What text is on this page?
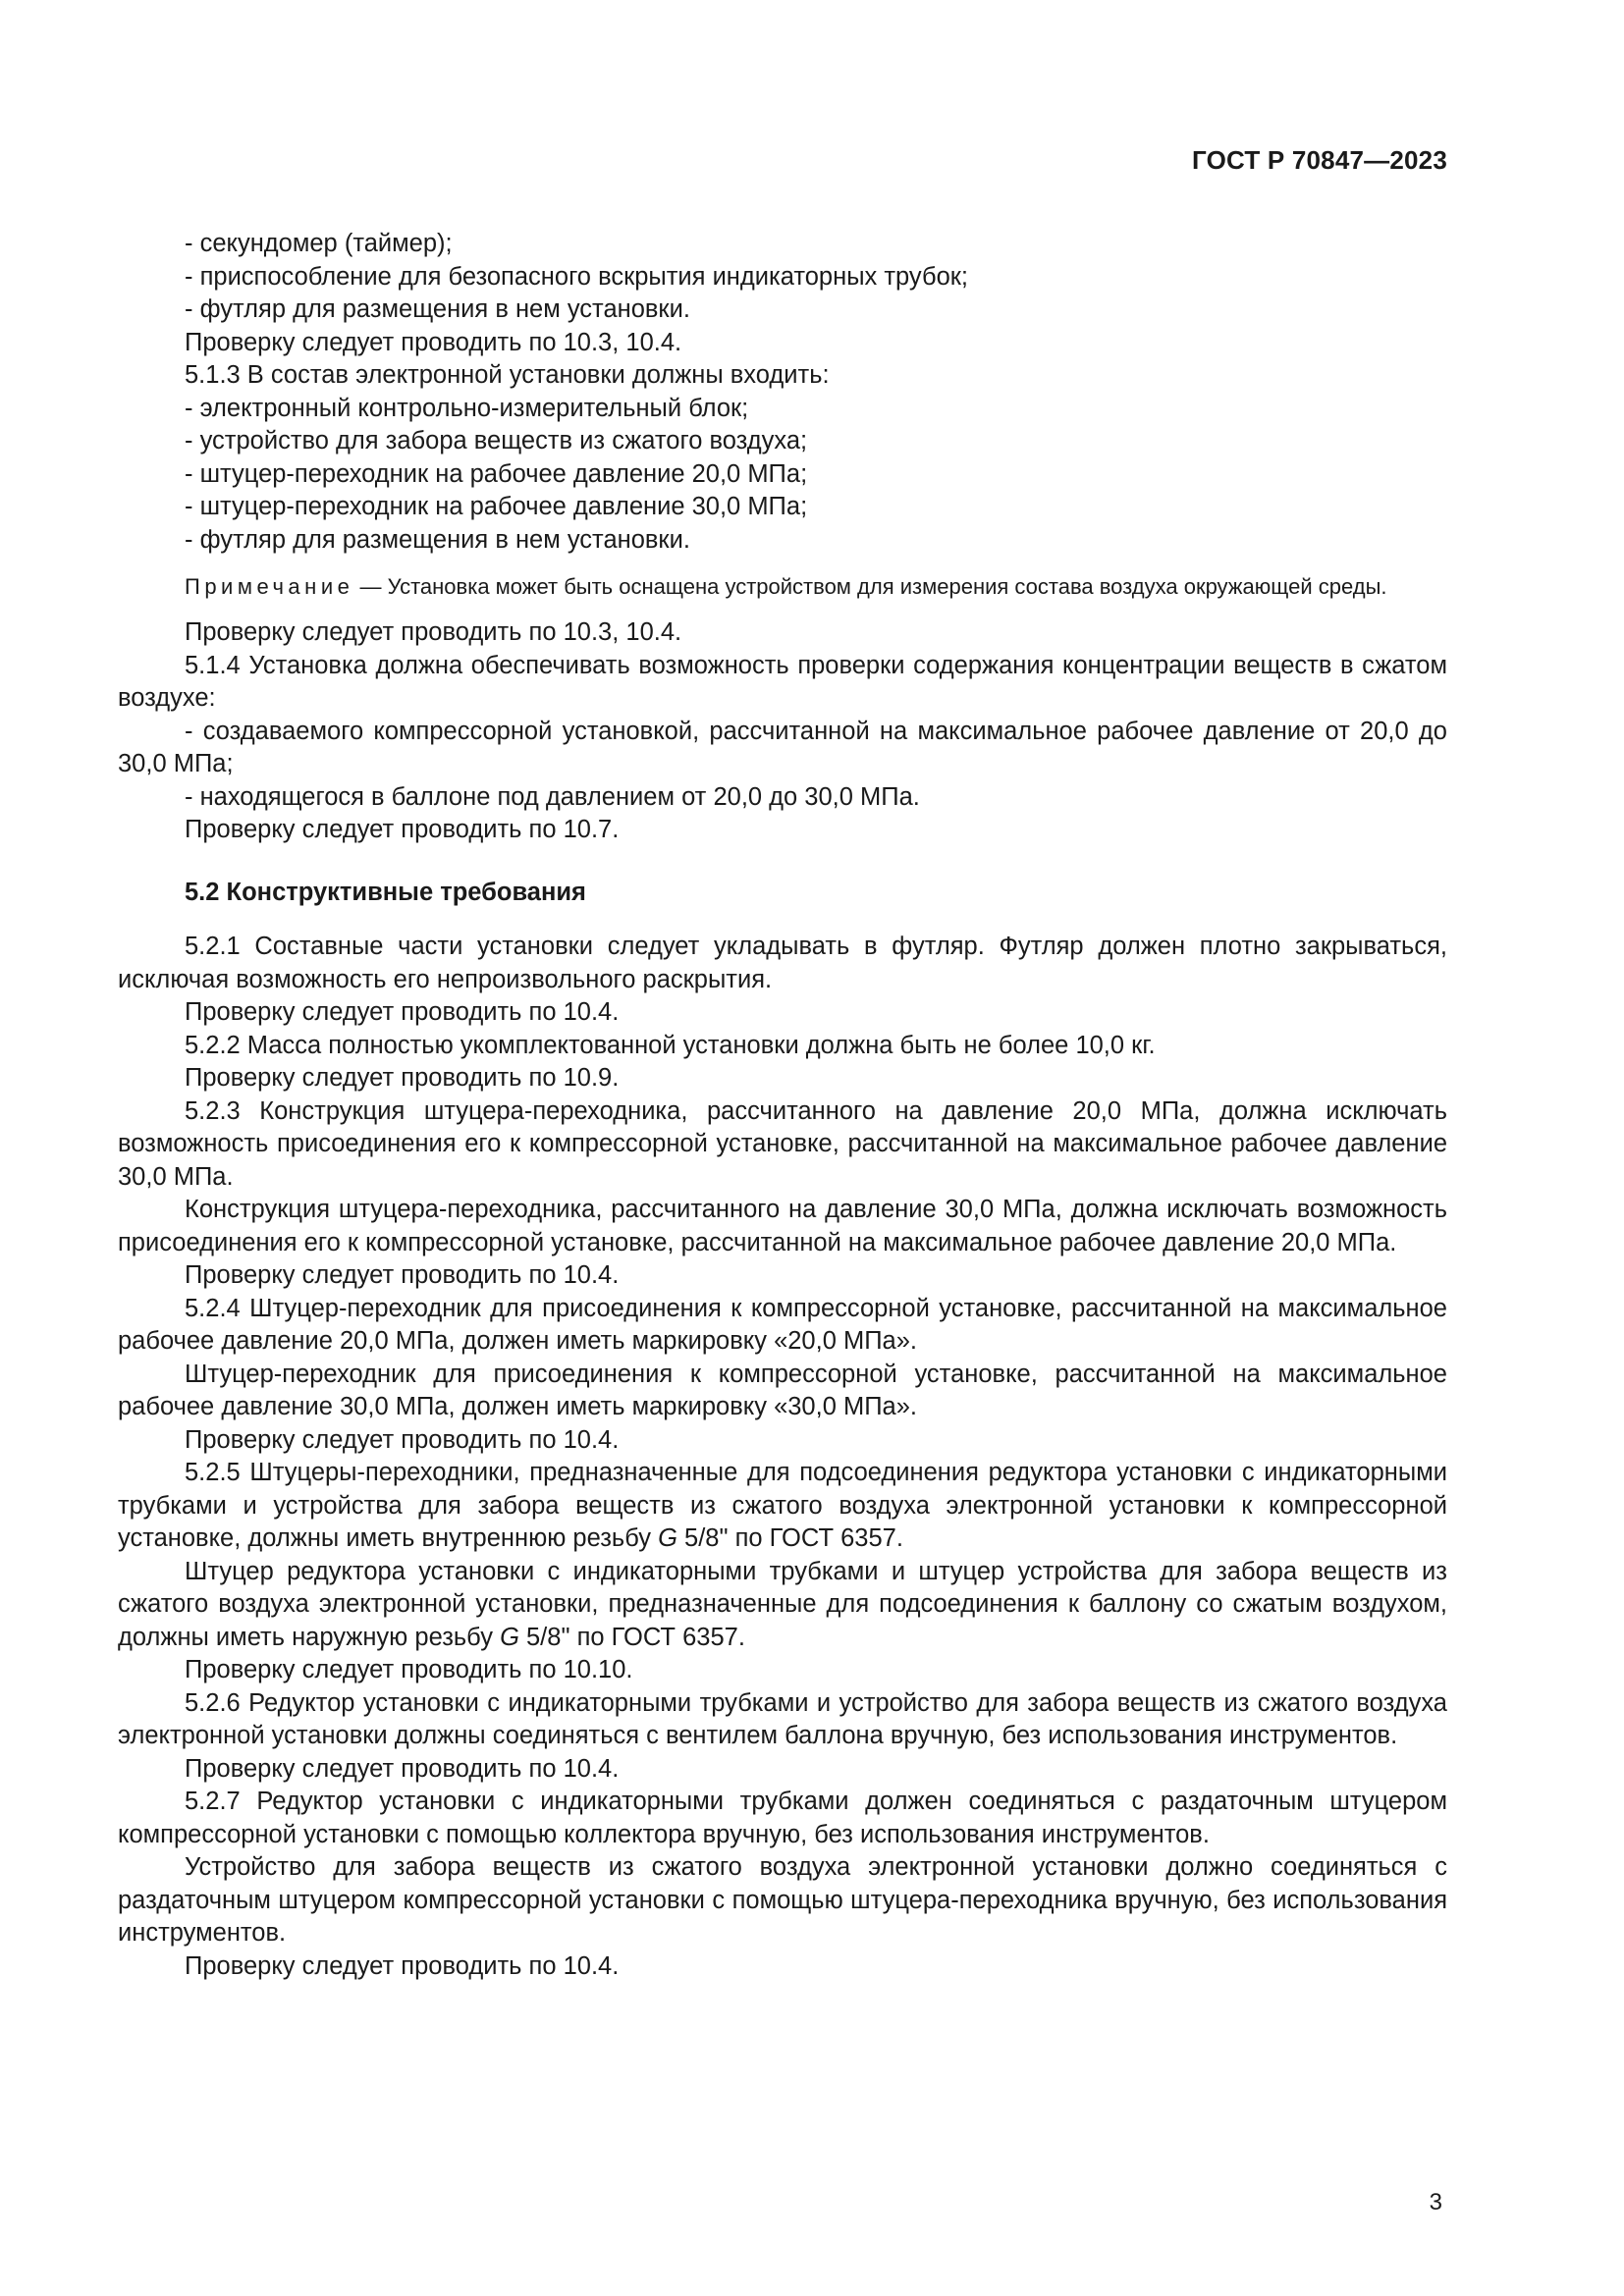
ГОСТ Р 70847—2023

- секундомер (таймер);

- приспособление для безопасного вскрытия индикаторных трубок;

- футляр для размещения в нем установки.

Проверку следует проводить по 10.3, 10.4.

5.1.3 В состав электронной установки должны входить:

- электронный контрольно-измерительный блок;

- устройство для забора веществ из сжатого воздуха;

- штуцер-переходник на рабочее давление 20,0 МПа;

- штуцер-переходник на рабочее давление 30,0 МПа;

- футляр для размещения в нем установки.

Примечание — Установка может быть оснащена устройством для измерения состава воздуха окружающей среды.

Проверку следует проводить по 10.3, 10.4.

5.1.4 Установка должна обеспечивать возможность проверки содержания концентрации веществ в сжатом воздухе:

- создаваемого компрессорной установкой, рассчитанной на максимальное рабочее давление от 20,0 до 30,0 МПа;

- находящегося в баллоне под давлением от 20,0 до 30,0 МПа.

Проверку следует проводить по 10.7.

5.2 Конструктивные требования

5.2.1 Составные части установки следует укладывать в футляр. Футляр должен плотно закрываться, исключая возможность его непроизвольного раскрытия.

Проверку следует проводить по 10.4.

5.2.2 Масса полностью укомплектованной установки должна быть не более 10,0 кг.

Проверку следует проводить по 10.9.

5.2.3 Конструкция штуцера-переходника, рассчитанного на давление 20,0 МПа, должна исключать возможность присоединения его к компрессорной установке, рассчитанной на максимальное рабочее давление 30,0 МПа.

Конструкция штуцера-переходника, рассчитанного на давление 30,0 МПа, должна исключать возможность присоединения его к компрессорной установке, рассчитанной на максимальное рабочее давление 20,0 МПа.

Проверку следует проводить по 10.4.

5.2.4 Штуцер-переходник для присоединения к компрессорной установке, рассчитанной на максимальное рабочее давление 20,0 МПа, должен иметь маркировку «20,0 МПа».

Штуцер-переходник для присоединения к компрессорной установке, рассчитанной на максимальное рабочее давление 30,0 МПа, должен иметь маркировку «30,0 МПа».

Проверку следует проводить по 10.4.

5.2.5 Штуцеры-переходники, предназначенные для подсоединения редуктора установки с индикаторными трубками и устройства для забора веществ из сжатого воздуха электронной установки к компрессорной установке, должны иметь внутреннюю резьбу G 5/8" по ГОСТ 6357.

Штуцер редуктора установки с индикаторными трубками и штуцер устройства для забора веществ из сжатого воздуха электронной установки, предназначенные для подсоединения к баллону со сжатым воздухом, должны иметь наружную резьбу G 5/8" по ГОСТ 6357.

Проверку следует проводить по 10.10.

5.2.6 Редуктор установки с индикаторными трубками и устройство для забора веществ из сжатого воздуха электронной установки должны соединяться с вентилем баллона вручную, без использования инструментов.

Проверку следует проводить по 10.4.

5.2.7 Редуктор установки с индикаторными трубками должен соединяться с раздаточным штуцером компрессорной установки с помощью коллектора вручную, без использования инструментов.

Устройство для забора веществ из сжатого воздуха электронной установки должно соединяться с раздаточным штуцером компрессорной установки с помощью штуцера-переходника вручную, без использования инструментов.

Проверку следует проводить по 10.4.

3
